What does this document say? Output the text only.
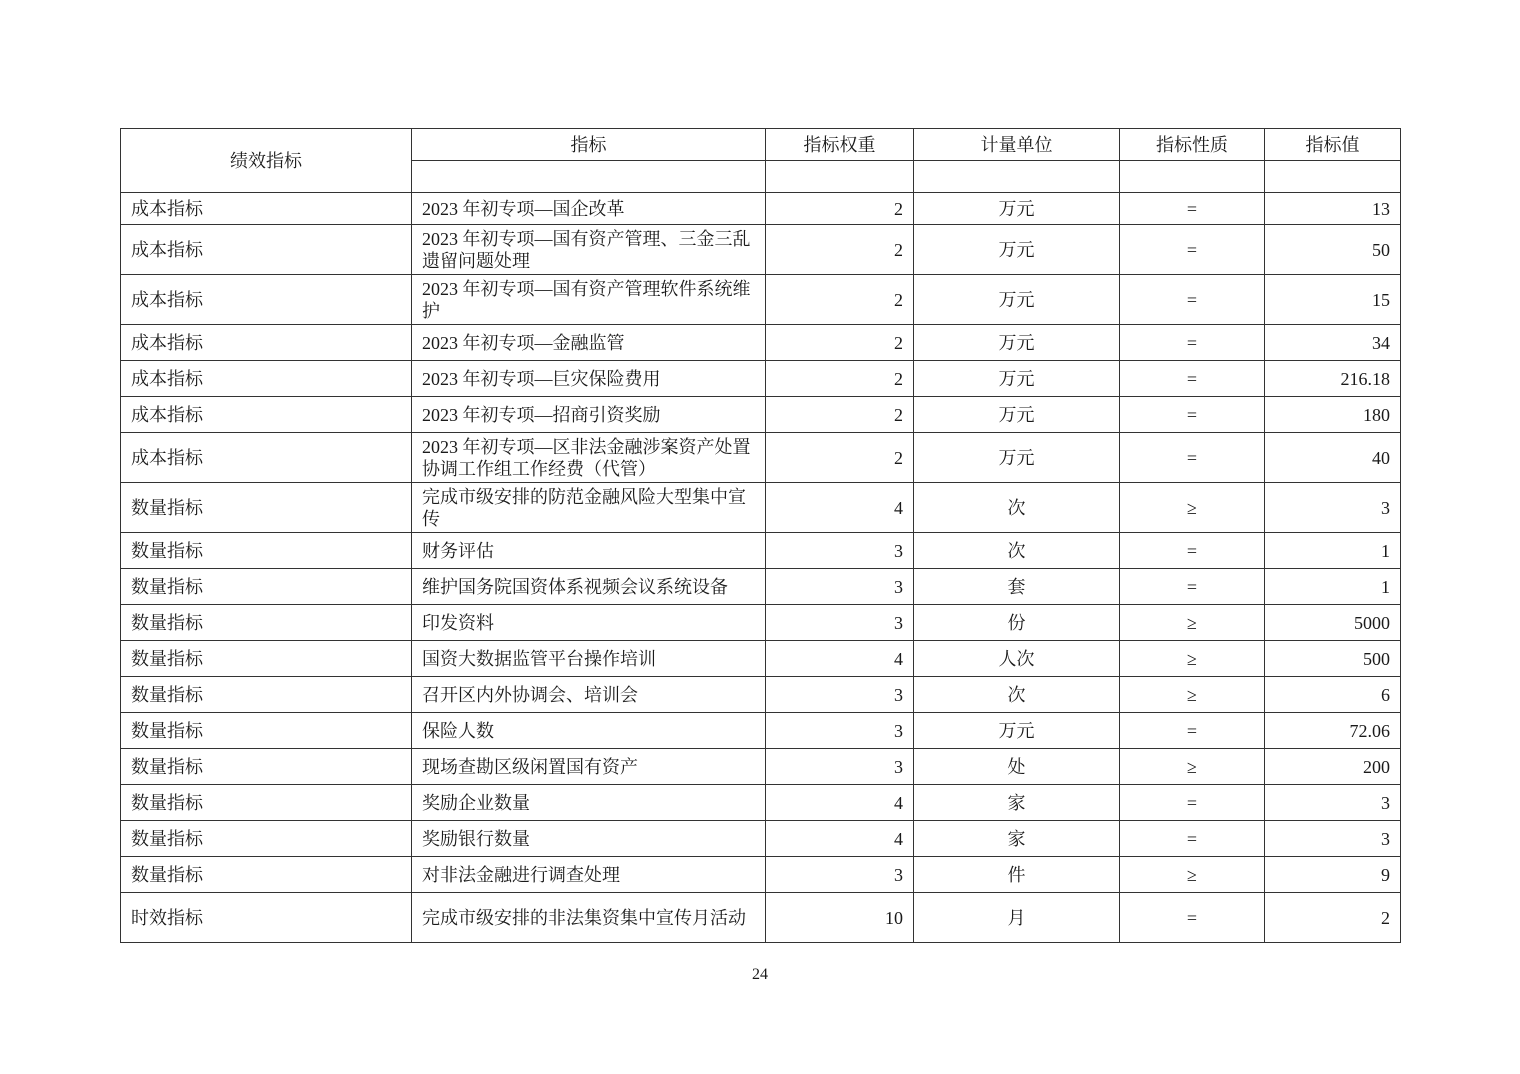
绩效指标	指标	指标权重	计量单位	指标性质	指标值

成本指标	2023 年初专项—国企改革	2	万元	=	13
成本指标	2023 年初专项—国有资产管理、三金三乱遗留问题处理	2	万元	=	50
成本指标	2023 年初专项—国有资产管理软件系统维护	2	万元	=	15
成本指标	2023 年初专项—金融监管	2	万元	=	34
成本指标	2023 年初专项—巨灾保险费用	2	万元	=	216.18
成本指标	2023 年初专项—招商引资奖励	2	万元	=	180
成本指标	2023 年初专项—区非法金融涉案资产处置协调工作组工作经费（代管）	2	万元	=	40
数量指标	完成市级安排的防范金融风险大型集中宣传	4	次	≥	3
数量指标	财务评估	3	次	=	1
数量指标	维护国务院国资体系视频会议系统设备	3	套	=	1
数量指标	印发资料	3	份	≥	5000
数量指标	国资大数据监管平台操作培训	4	人次	≥	500
数量指标	召开区内外协调会、培训会	3	次	≥	6
数量指标	保险人数	3	万元	=	72.06
数量指标	现场查勘区级闲置国有资产	3	处	≥	200
数量指标	奖励企业数量	4	家	=	3
数量指标	奖励银行数量	4	家	=	3
数量指标	对非法金融进行调查处理	3	件	≥	9
时效指标	完成市级安排的非法集资集中宣传月活动	10	月	=	2
24
